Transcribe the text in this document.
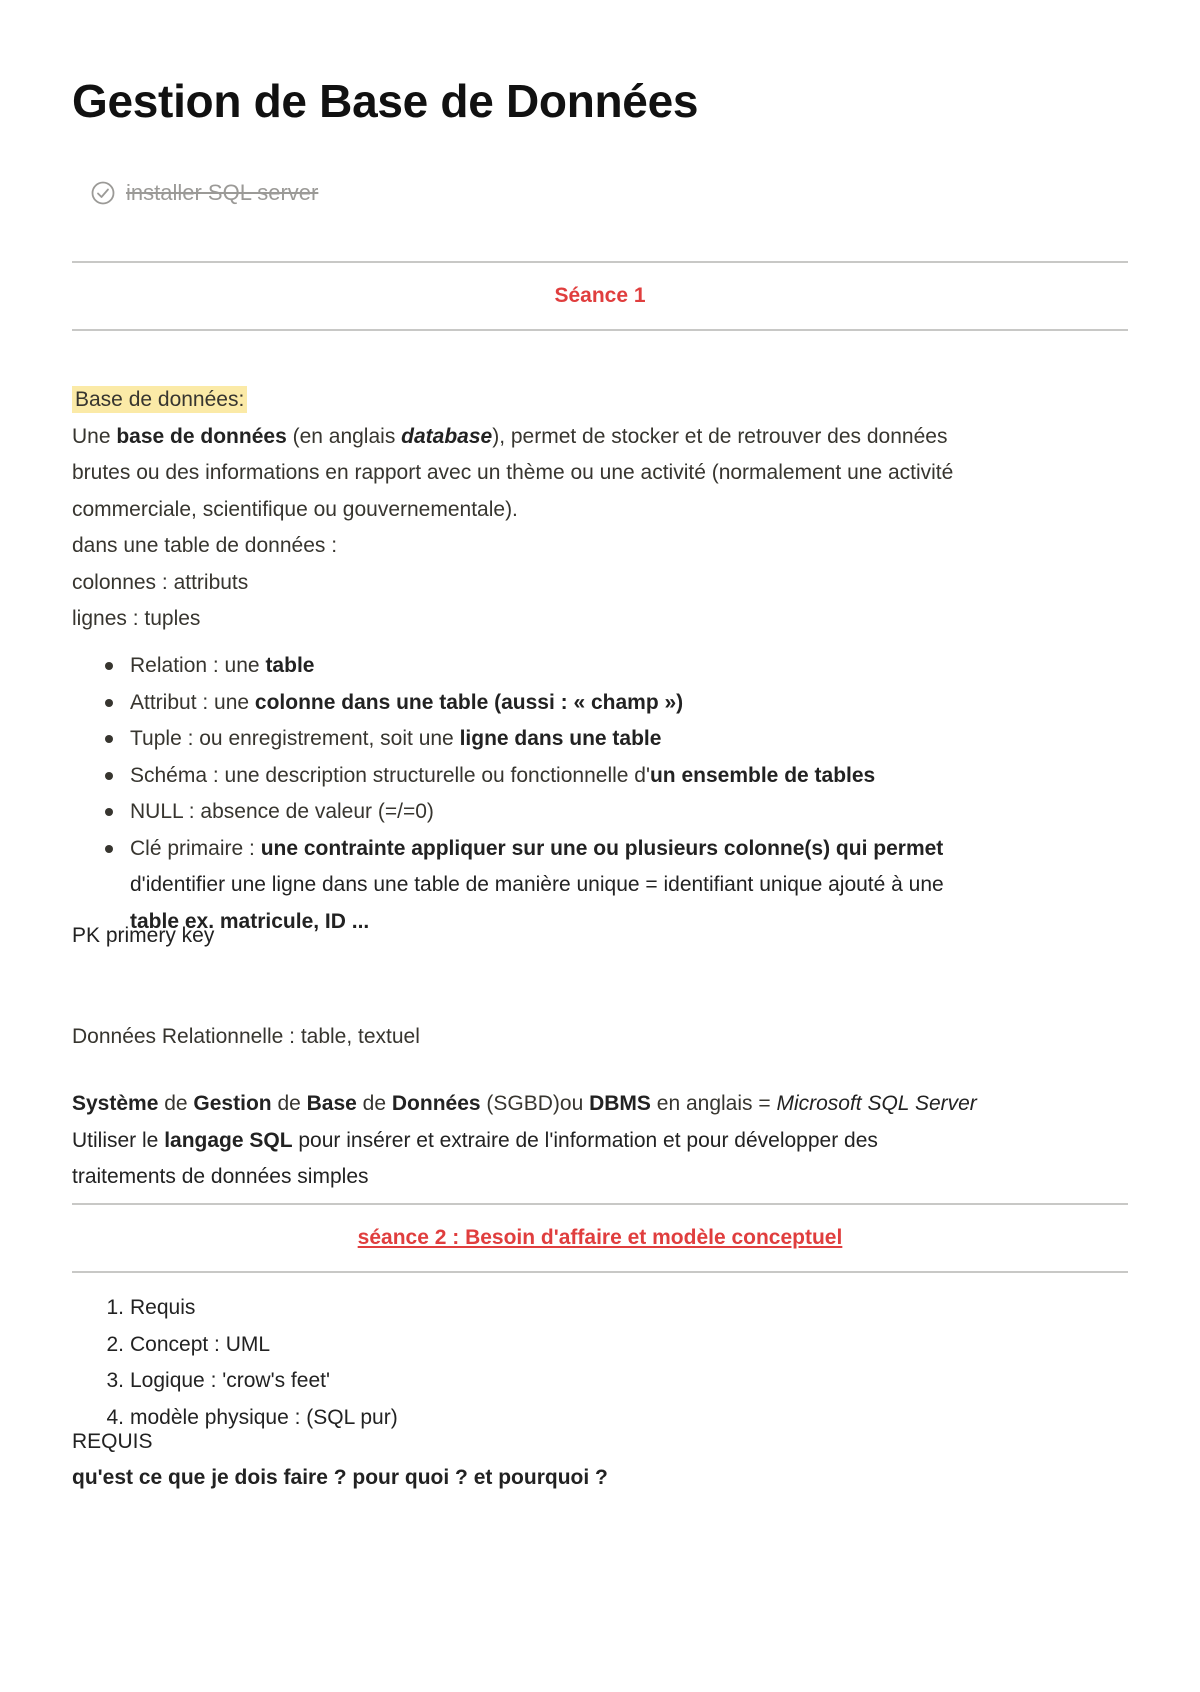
Gestion de Base de Données
installer SQL server
Séance 1
Base de données:
Une base de données (en anglais database), permet de stocker et de retrouver des données
brutes ou des informations en rapport avec un thème ou une activité (normalement une activité
commerciale, scientifique ou gouvernementale).
dans une table de données :
colonnes : attributs
lignes : tuples
Relation : une table
Attribut : une colonne dans une table (aussi : « champ »)
Tuple : ou enregistrement, soit une ligne dans une table
Schéma : une description structurelle ou fonctionnelle d'un ensemble de tables
NULL : absence de valeur (=/=0)
Clé primaire : une contrainte appliquer sur une ou plusieurs colonne(s) qui permet
d'identifier une ligne dans une table de manière unique = identifiant unique ajouté à une
table ex. matricule, ID ...
PK primery key
Données Relationnelle : table, textuel
Système de Gestion de Base de Données (SGBD)ou DBMS en anglais = Microsoft SQL Server
Utiliser le langage SQL pour insérer et extraire de l'information et pour développer des
traitements de données simples
séance 2 : Besoin d'affaire et modèle conceptuel
1. Requis
2. Concept : UML
3. Logique : 'crow's feet'
4. modèle physique : (SQL pur)
REQUIS
qu'est ce que je dois faire ? pour quoi ? et pourquoi ?
